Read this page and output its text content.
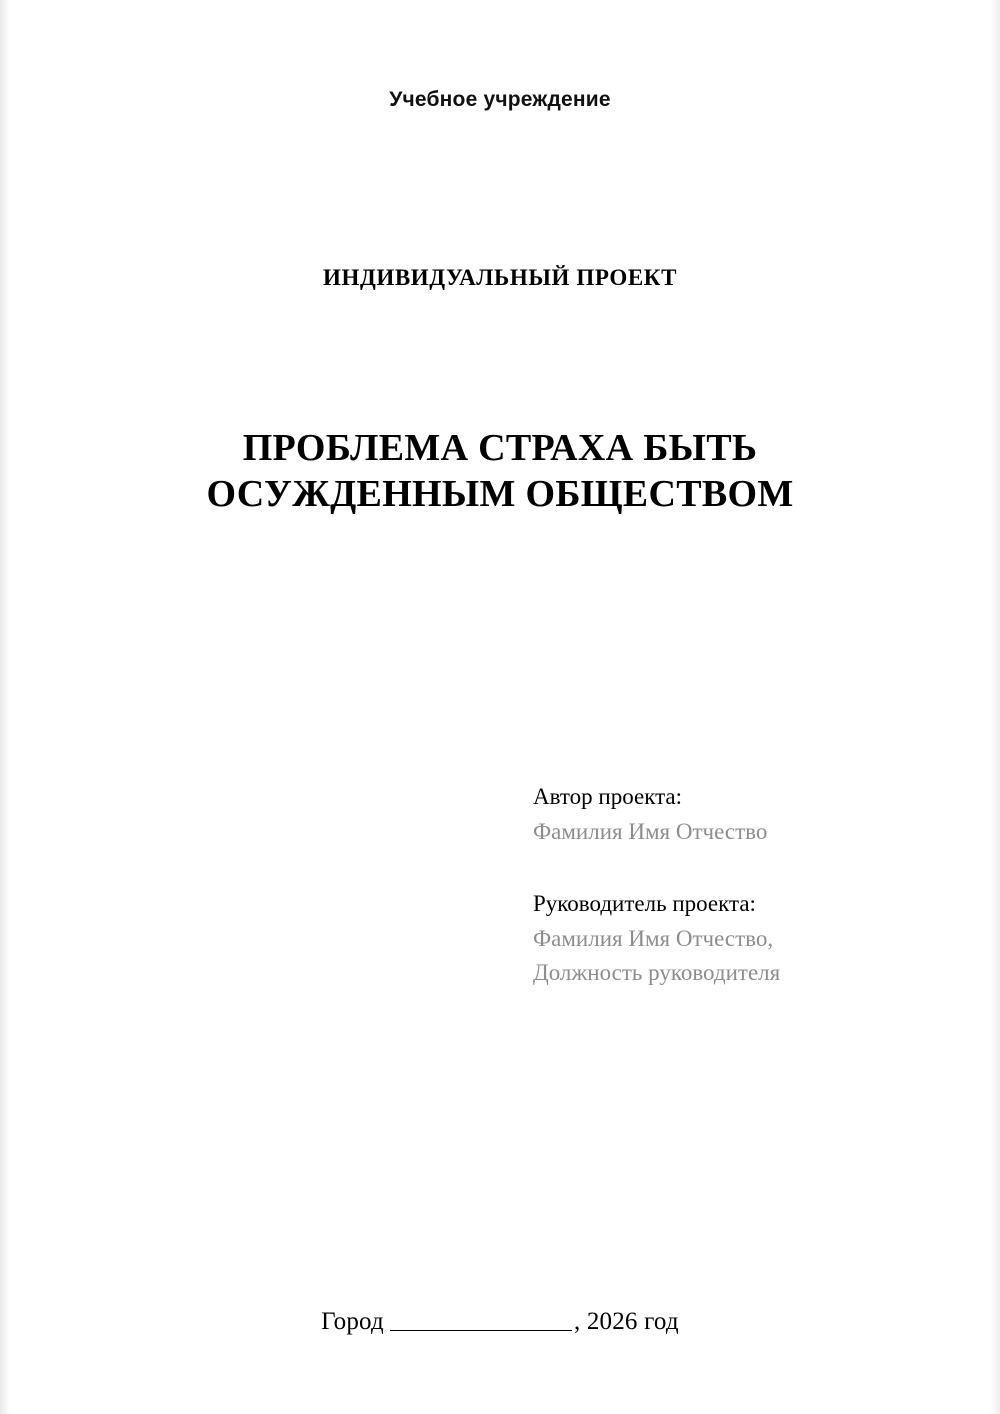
Учебное учреждение
ИНДИВИДУАЛЬНЫЙ ПРОЕКТ
ПРОБЛЕМА СТРАХА БЫТЬ
ОСУЖДЕННЫМ ОБЩЕСТВОМ
Автор проекта:
Фамилия Имя Отчество
Руководитель проекта:
Фамилия Имя Отчество,
Должность руководителя
Город	, 2026 год
